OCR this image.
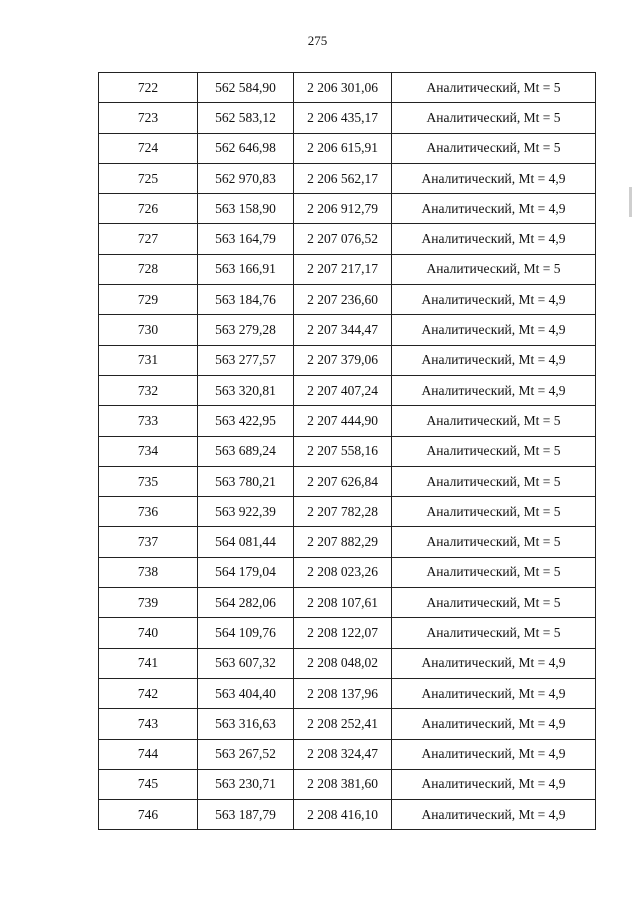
275
722	562 584,90	2 206 301,06	Аналитический, Mt = 5
723	562 583,12	2 206 435,17	Аналитический, Mt = 5
724	562 646,98	2 206 615,91	Аналитический, Mt = 5
725	562 970,83	2 206 562,17	Аналитический, Mt = 4,9
726	563 158,90	2 206 912,79	Аналитический, Mt = 4,9
727	563 164,79	2 207 076,52	Аналитический, Mt = 4,9
728	563 166,91	2 207 217,17	Аналитический, Mt = 5
729	563 184,76	2 207 236,60	Аналитический, Mt = 4,9
730	563 279,28	2 207 344,47	Аналитический, Mt = 4,9
731	563 277,57	2 207 379,06	Аналитический, Mt = 4,9
732	563 320,81	2 207 407,24	Аналитический, Mt = 4,9
733	563 422,95	2 207 444,90	Аналитический, Mt = 5
734	563 689,24	2 207 558,16	Аналитический, Mt = 5
735	563 780,21	2 207 626,84	Аналитический, Mt = 5
736	563 922,39	2 207 782,28	Аналитический, Mt = 5
737	564 081,44	2 207 882,29	Аналитический, Mt = 5
738	564 179,04	2 208 023,26	Аналитический, Mt = 5
739	564 282,06	2 208 107,61	Аналитический, Mt = 5
740	564 109,76	2 208 122,07	Аналитический, Mt = 5
741	563 607,32	2 208 048,02	Аналитический, Mt = 4,9
742	563 404,40	2 208 137,96	Аналитический, Mt = 4,9
743	563 316,63	2 208 252,41	Аналитический, Mt = 4,9
744	563 267,52	2 208 324,47	Аналитический, Mt = 4,9
745	563 230,71	2 208 381,60	Аналитический, Mt = 4,9
746	563 187,79	2 208 416,10	Аналитический, Mt = 4,9
